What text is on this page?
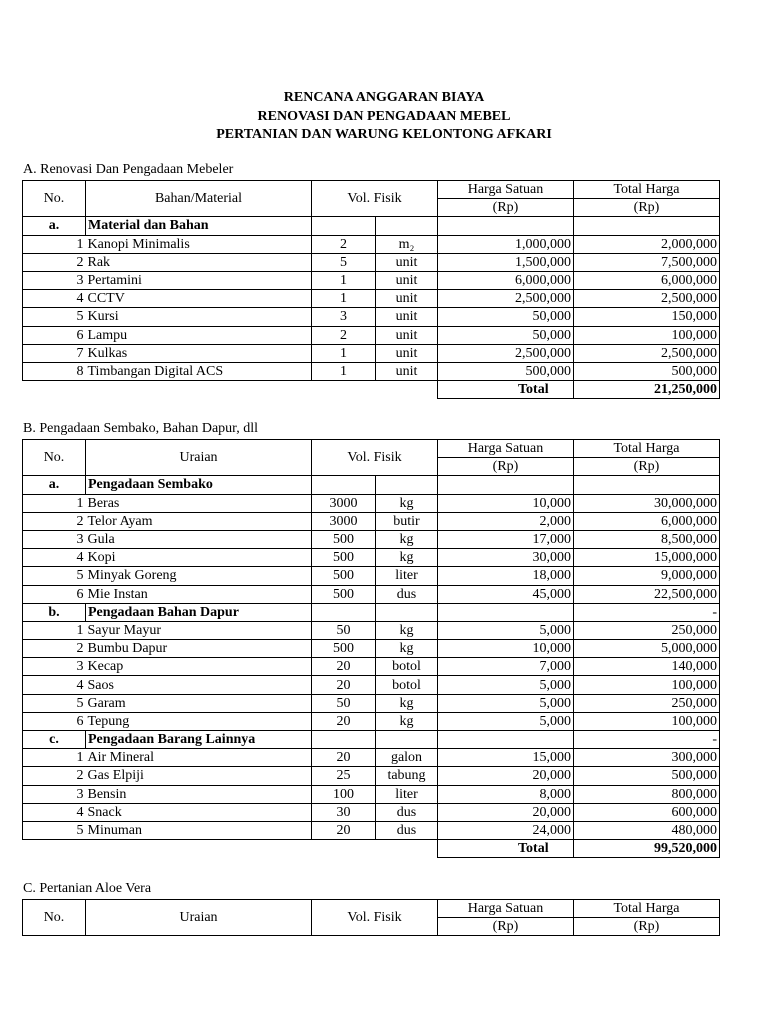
RENCANA ANGGARAN BIAYA
RENOVASI DAN PENGADAAN MEBEL
PERTANIAN DAN WARUNG KELONTONG AFKARI
A. Renovasi Dan Pengadaan Mebeler
No.	Bahan/Material	Vol. Fisik		Harga Satuan	Total Harga
				(Rp)	(Rp)
a.	Material dan Bahan				
1	Kanopi Minimalis	2	m₂	1,000,000	2,000,000
2	Rak	5	unit	1,500,000	7,500,000
3	Pertamini	1	unit	6,000,000	6,000,000
4	CCTV	1	unit	2,500,000	2,500,000
5	Kursi	3	unit	50,000	150,000
6	Lampu	2	unit	50,000	100,000
7	Kulkas	1	unit	2,500,000	2,500,000
8	Timbangan Digital ACS	1	unit	500,000	500,000
				Total	21,250,000
B. Pengadaan Sembako, Bahan Dapur, dll
No.	Uraian	Vol. Fisik		Harga Satuan	Total Harga
				(Rp)	(Rp)
a.	Pengadaan Sembako				
1	Beras	3000	kg	10,000	30,000,000
2	Telor Ayam	3000	butir	2,000	6,000,000
3	Gula	500	kg	17,000	8,500,000
4	Kopi	500	kg	30,000	15,000,000
5	Minyak Goreng	500	liter	18,000	9,000,000
6	Mie Instan	500	dus	45,000	22,500,000
b.	Pengadaan Bahan Dapur				-
1	Sayur Mayur	50	kg	5,000	250,000
2	Bumbu Dapur	500	kg	10,000	5,000,000
3	Kecap	20	botol	7,000	140,000
4	Saos	20	botol	5,000	100,000
5	Garam	50	kg	5,000	250,000
6	Tepung	20	kg	5,000	100,000
c.	Pengadaan Barang Lainnya				-
1	Air Mineral	20	galon	15,000	300,000
2	Gas Elpiji	25	tabung	20,000	500,000
3	Bensin	100	liter	8,000	800,000
4	Snack	30	dus	20,000	600,000
5	Minuman	20	dus	24,000	480,000
				Total	99,520,000
C. Pertanian Aloe Vera
No.	Uraian	Vol. Fisik	Harga Satuan	Total Harga
			(Rp)	(Rp)
